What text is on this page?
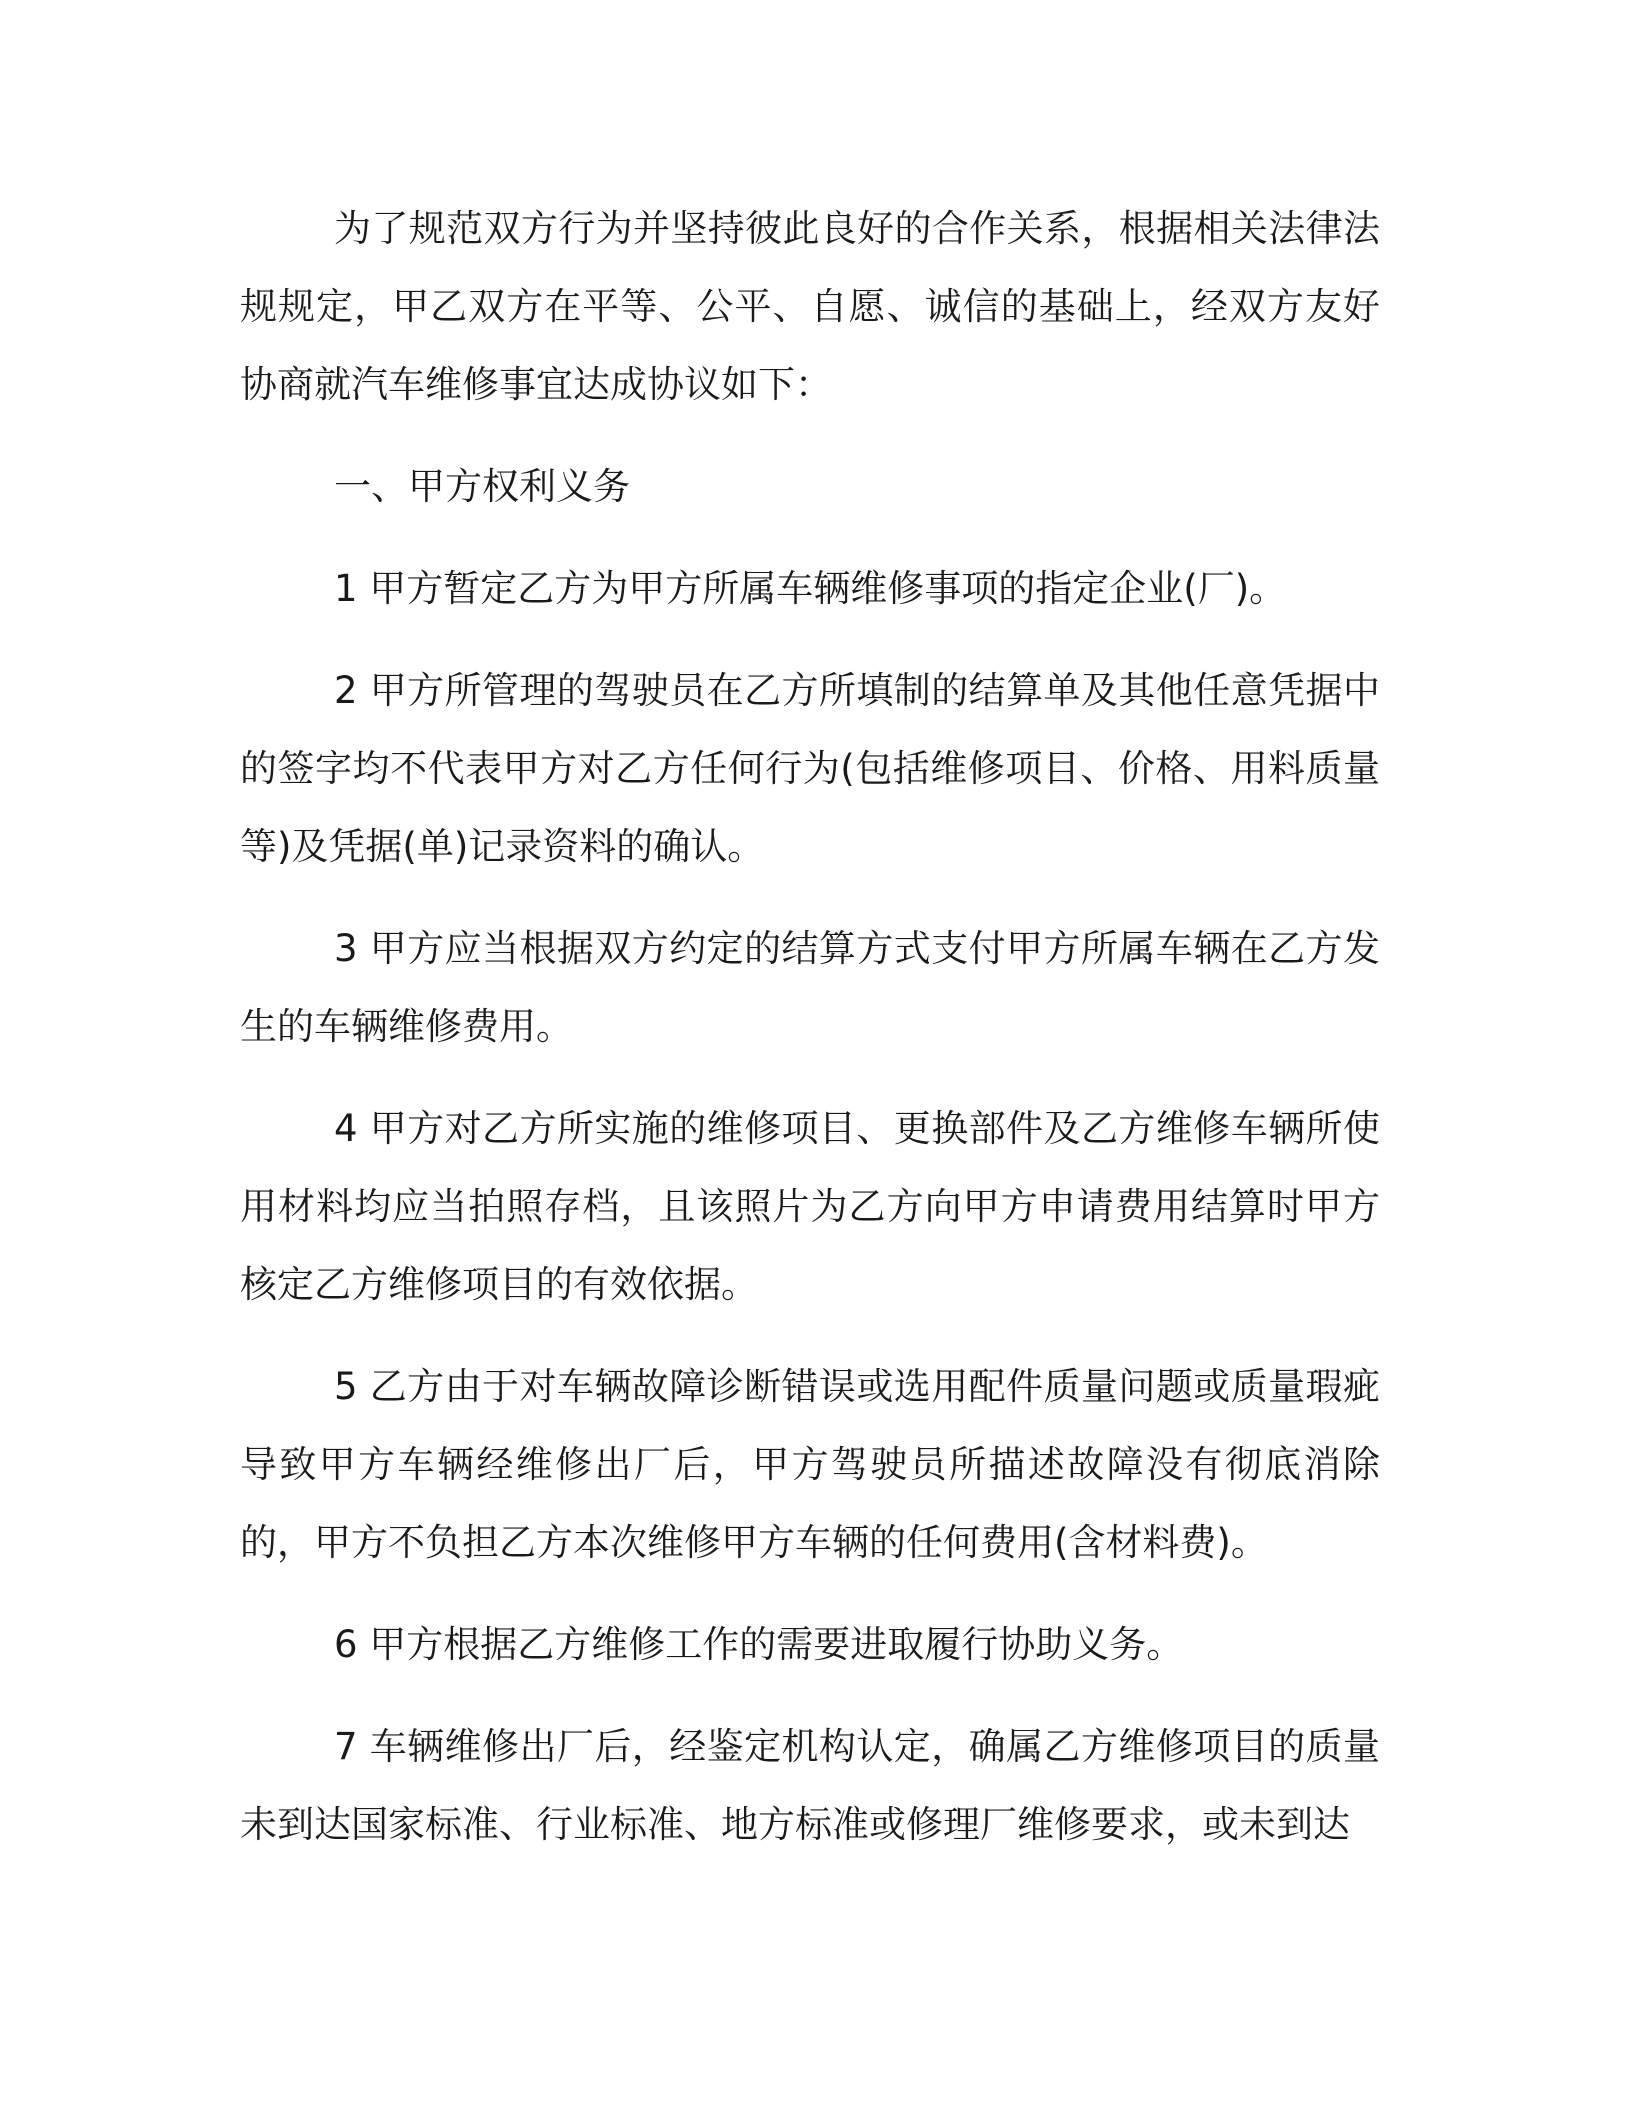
为了规范双方行为并坚持彼此良好的合作关系，根据相关法律法规规定，甲乙双方在平等、公平、自愿、诚信的基础上，经双方友好协商就汽车维修事宜达成协议如下：

一、甲方权利义务

1 甲方暂定乙方为甲方所属车辆维修事项的指定企业(厂)。

2 甲方所管理的驾驶员在乙方所填制的结算单及其他任意凭据中的签字均不代表甲方对乙方任何行为(包括维修项目、价格、用料质量等)及凭据(单)记录资料的确认。

3 甲方应当根据双方约定的结算方式支付甲方所属车辆在乙方发生的车辆维修费用。

4 甲方对乙方所实施的维修项目、更换部件及乙方维修车辆所使用材料均应当拍照存档，且该照片为乙方向甲方申请费用结算时甲方核定乙方维修项目的有效依据。

5 乙方由于对车辆故障诊断错误或选用配件质量问题或质量瑕疵导致甲方车辆经维修出厂后，甲方驾驶员所描述故障没有彻底消除的，甲方不负担乙方本次维修甲方车辆的任何费用(含材料费)。

6 甲方根据乙方维修工作的需要进取履行协助义务。

7 车辆维修出厂后，经鉴定机构认定，确属乙方维修项目的质量未到达国家标准、行业标准、地方标准或修理厂维修要求，或未到达
